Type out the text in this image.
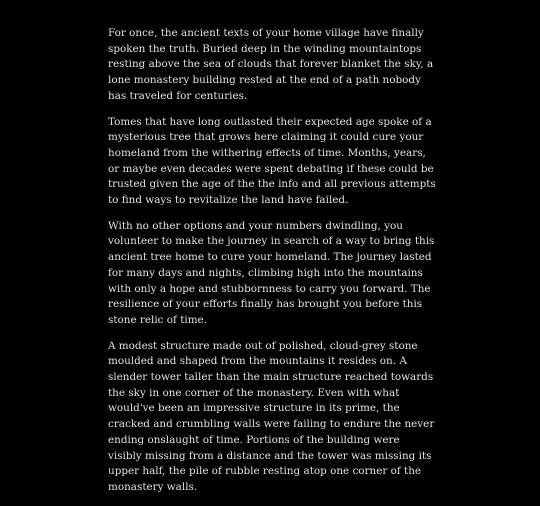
For once, the ancient texts of your home village have finally spoken the truth. Buried deep in the winding mountaintops resting above the sea of clouds that forever blanket the sky, a lone monastery building rested at the end of a path nobody has traveled for centuries.

Tomes that have long outlasted their expected age spoke of a mysterious tree that grows here claiming it could cure your homeland from the withering effects of time. Months, years, or maybe even decades were spent debating if these could be trusted given the age of the the info and all previous attempts to find ways to revitalize the land have failed.

With no other options and your numbers dwindling, you volunteer to make the journey in search of a way to bring this ancient tree home to cure your homeland. The journey lasted for many days and nights, climbing high into the mountains with only a hope and stubbornness to carry you forward. The resilience of your efforts finally has brought you before this stone relic of time.

A modest structure made out of polished, cloud-grey stone moulded and shaped from the mountains it resides on. A slender tower taller than the main structure reached towards the sky in one corner of the monastery. Even with what would've been an impressive structure in its prime, the cracked and crumbling walls were failing to endure the never ending onslaught of time. Portions of the building were visibly missing from a distance and the tower was missing its upper half, the pile of rubble resting atop one corner of the monastery walls.
